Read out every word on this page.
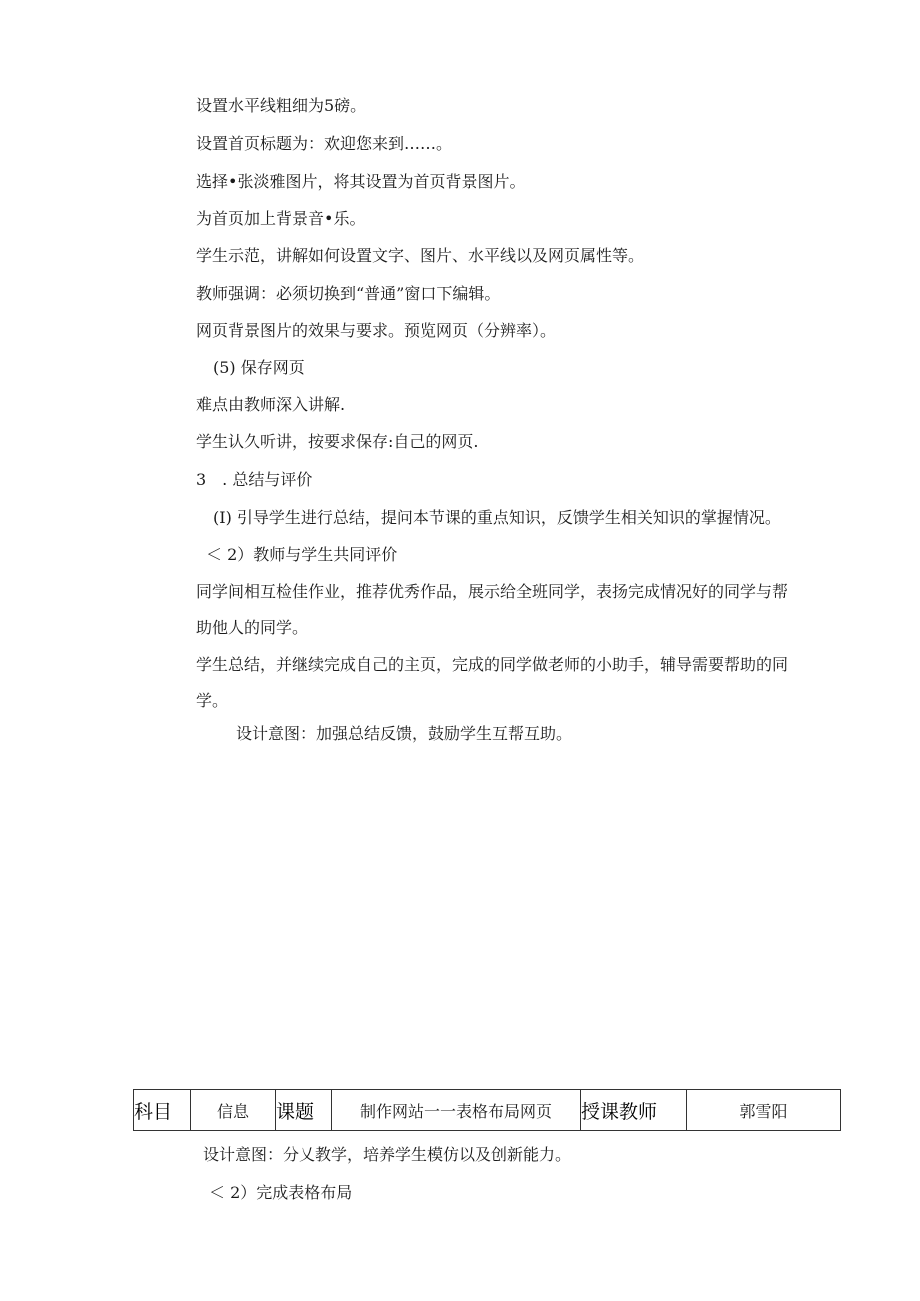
设置水平线粗细为5磅。
设置首页标题为：欢迎您来到……。
选择•张淡雅图片，将其设置为首页背景图片。
为首页加上背景音•乐。
学生示范，讲解如何设置文字、图片、水平线以及网页属性等。
教师强调：必须切换到“普通”窗口下编辑。
网页背景图片的效果与要求。预览网页（分辨率）。
(5) 保存网页
难点由教师深入讲解.
学生认久听讲，按要求保存:自己的网页.
3　. 总结与评价
(I) 引导学生进行总结，提问本节课的重点知识，反馈学生相关知识的掌握情况。
＜ 2）教师与学生共同评价
同学间相互检佳作业，推荐优秀作品，展示给全班同学，表扬完成情况好的同学与帮
助他人的同学。
学生总结，并继续完成自己的主页，完成的同学做老师的小助手，辅导需要帮助的同
学。
设计意图：加强总结反馈，鼓励学生互帮互助。
科目	信息	课题	制作网站一一表格布局网页	授课教师	郭雪阳
设计意图：分乂教学，培养学生模仿以及创新能力。
＜ 2）完成表格布局
